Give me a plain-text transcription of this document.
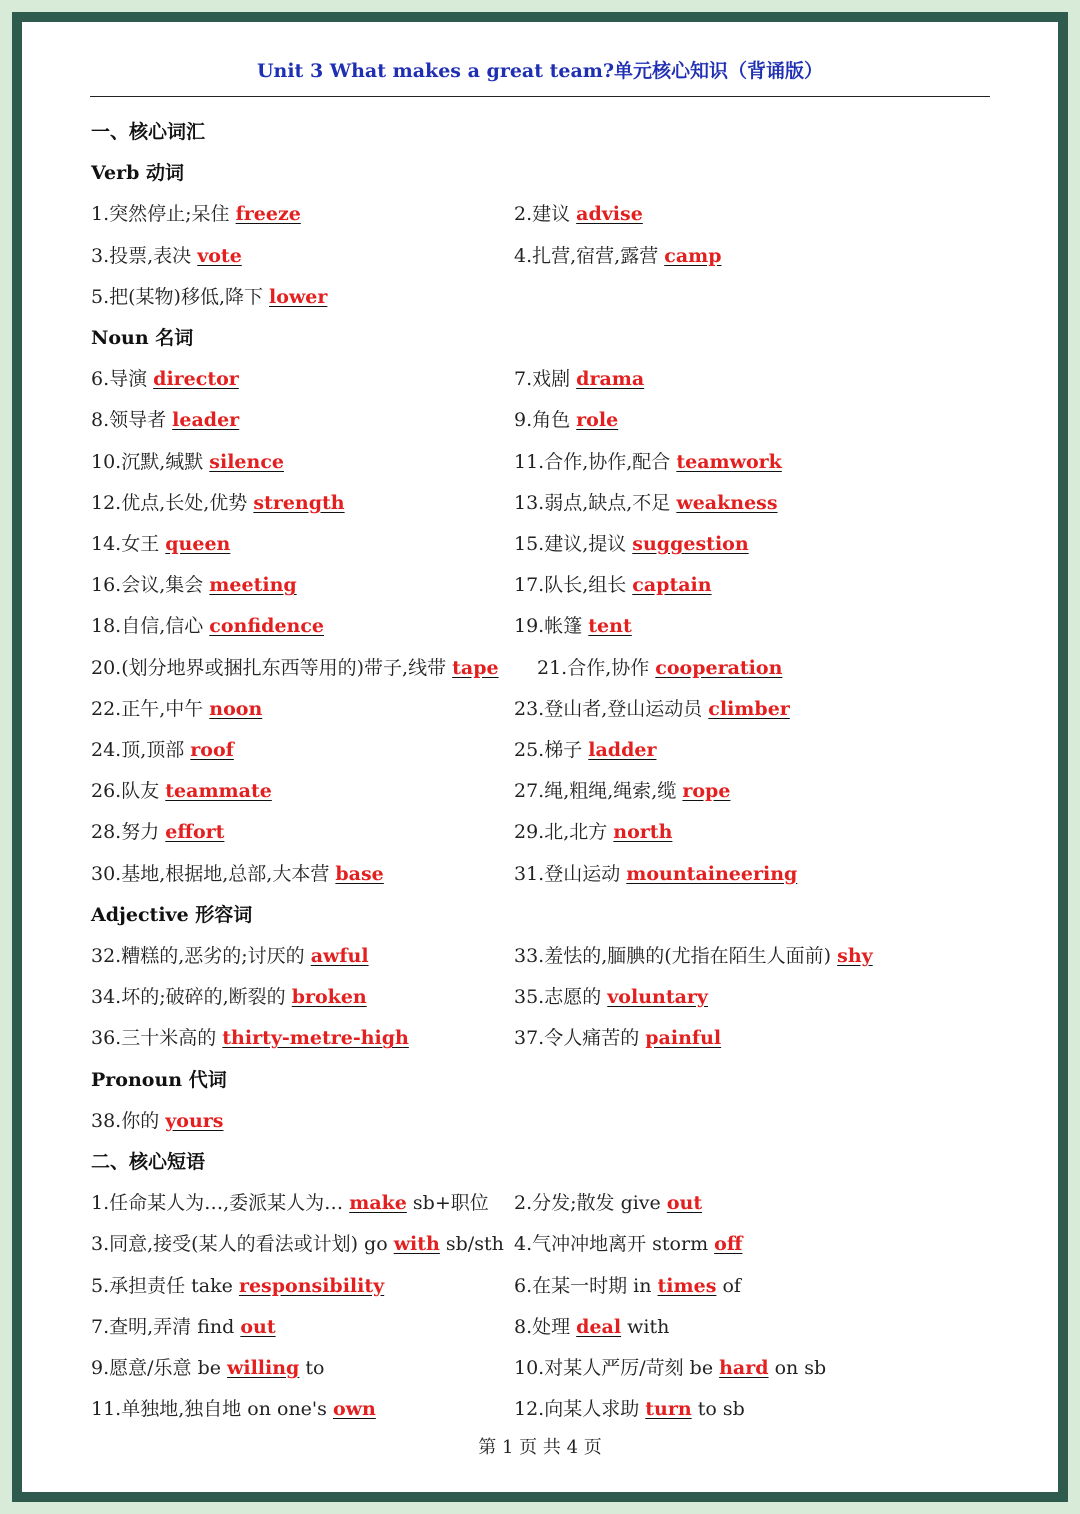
Unit 3 What makes a great team?单元核心知识（背诵版）
一、核心词汇
Verb 动词
1.突然停止;呆住 freeze	2.建议 advise
3.投票,表决 vote	4.扎营,宿营,露营 camp
5.把(某物)移低,降下 lower
Noun 名词
6.导演 director	7.戏剧 drama
8.领导者 leader	9.角色 role
10.沉默,缄默 silence	11.合作,协作,配合 teamwork
12.优点,长处,优势 strength	13.弱点,缺点,不足 weakness
14.女王 queen	15.建议,提议 suggestion
16.会议,集会 meeting	17.队长,组长 captain
18.自信,信心 confidence	19.帐篷 tent
20.(划分地界或捆扎东西等用的)带子,线带 tape 21.合作,协作 cooperation
22.正午,中午 noon	23.登山者,登山运动员 climber
24.顶,顶部 roof	25.梯子 ladder
26.队友 teammate	27.绳,粗绳,绳索,缆 rope
28.努力 effort	29.北,北方 north
30.基地,根据地,总部,大本营 base	31.登山运动 mountaineering
Adjective 形容词
32.糟糕的,恶劣的;讨厌的 awful	33.羞怯的,腼腆的(尤指在陌生人面前) shy
34.坏的;破碎的,断裂的 broken	35.志愿的 voluntary
36.三十米高的 thirty-metre-high	37.令人痛苦的 painful
Pronoun 代词
38.你的 yours
二、核心短语
1.任命某人为…,委派某人为… make sb+职位 2.分发;散发 give out
3.同意,接受(某人的看法或计划) go with sb/sth 4.气冲冲地离开 storm off
5.承担责任 take responsibility	6.在某一时期 in times of
7.查明,弄清 find out	8.处理 deal with
9.愿意/乐意 be willing to	10.对某人严厉/苛刻 be hard on sb
11.单独地,独自地 on one's own	12.向某人求助 turn to sb
第 1 页 共 4 页
